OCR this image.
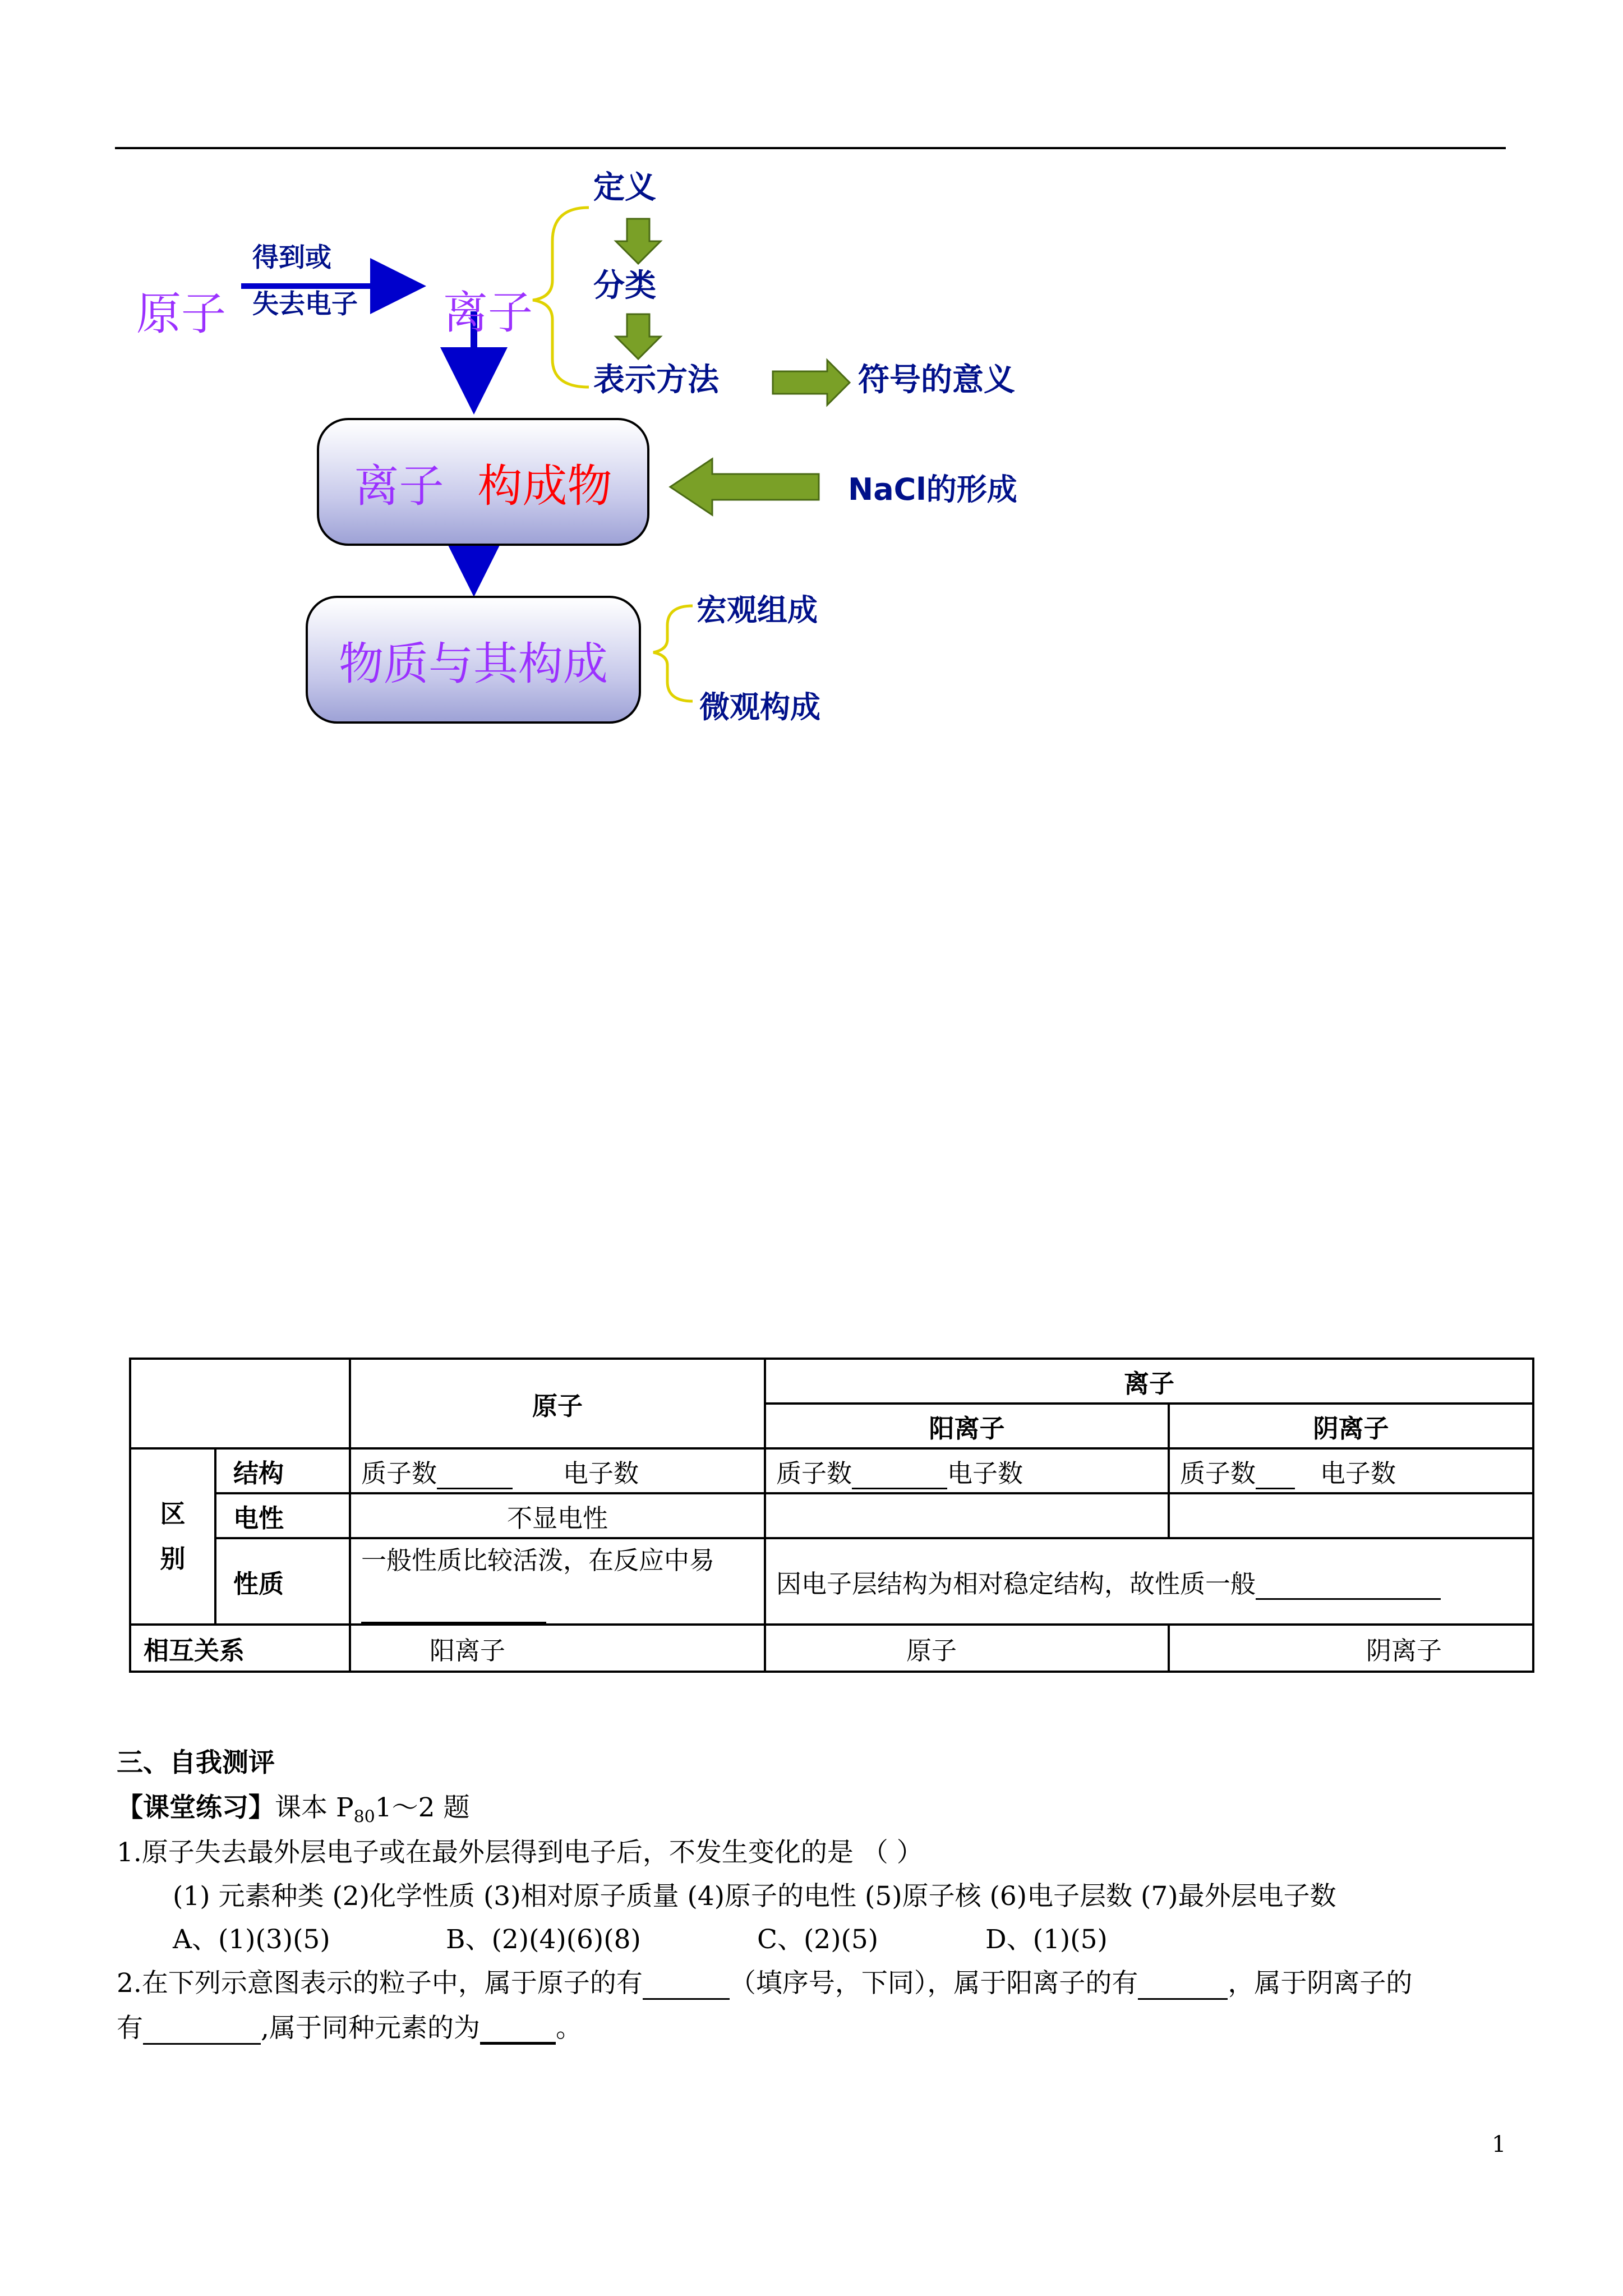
原子
得到或
失去电子 离子
定义
分类
表示方法	符号的意义
离子 构成物	NaCl的形成
物质与其构成
宏观组成
微观构成
		原子	离子	
			阳离子	阴离子
区
别	结构	质子数 电子数	质子数 电子数	质子数 电子数
	电性	不显电性		
	性质	一般性质比较活泼，在反应中易	因电子层结构为相对稳定结构，故性质一般	
相互关系		阳离子	原子	阴离子
三、自我测评
【课堂练习】课本 $P_{80}1\sim 2$ 题
1.原子失去最外层电子或在最外层得到电子后，不发生变化的是 （ ）
(1) 元素种类 (2)化学性质 (3)相对原子质量 (4)原子的电性 (5)原子核 (6)电子层数 (7)最外层电子数
A、(1)(3)(5)	B、(2)(4)(6)(8)	C、(2)(5)	D、(1)(5)
2.在下列示意图表示的粒子中，属于原子的有	（填序号，下同），属于阳离子的有	，属于阴离子的
有	,属于同种元素的为	。
1
